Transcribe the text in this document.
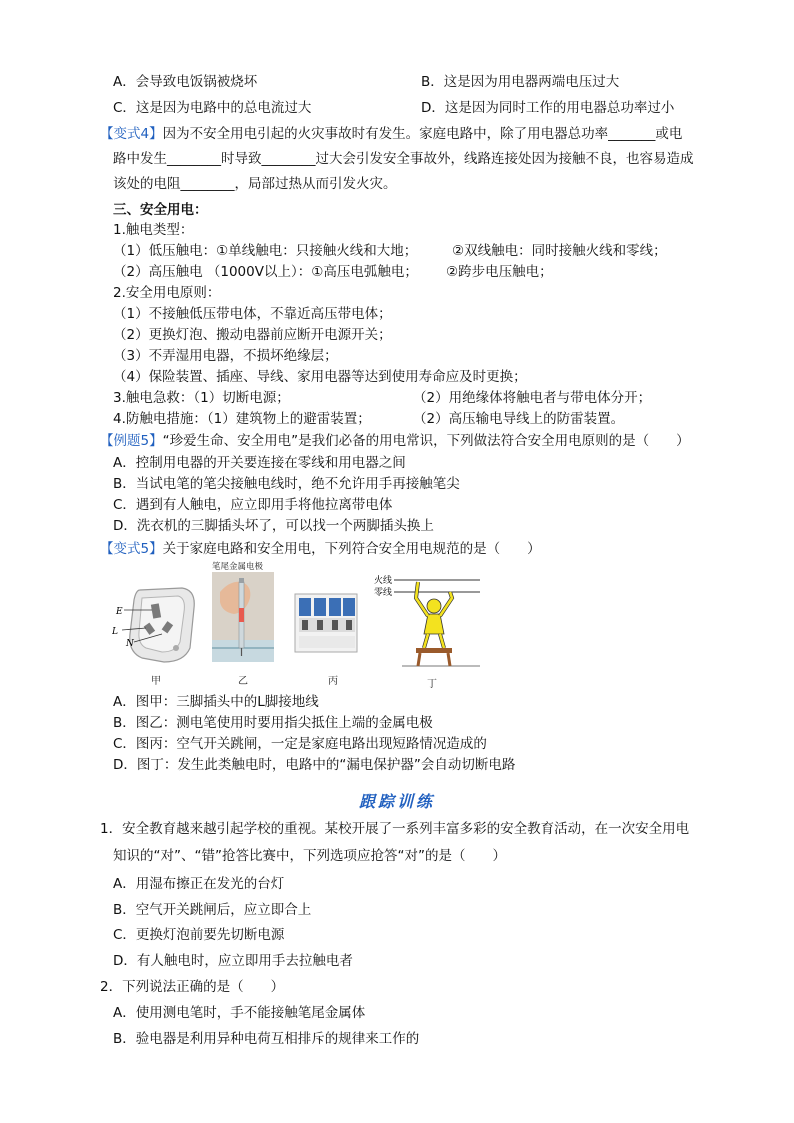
A．会导致电饭锅被烧坏	B．这是因为用电器两端电压过大
C．这是因为电路中的总电流过大	D．这是因为同时工作的用电器总功率过小
【变式4】因为不安全用电引起的火灾事故时有发生。家庭电路中，除了用电器总功率_______或电
路中发生________时导致________过大会引发安全事故外，线路连接处因为接触不良，也容易造成
该处的电阻________，局部过热从而引发火灾。
三、安全用电：
1.触电类型：
（1）低压触电：①单线触电：只接触火线和大地；	②双线触电：同时接触火线和零线；
（2）高压触电 （1000V以上）：①高压电弧触电； ②跨步电压触电；
2.安全用电原则：
（1）不接触低压带电体，不靠近高压带电体；
（2）更换灯泡、搬动电器前应断开电源开关；
（3）不弄湿用电器，不损坏绝缘层；
（4）保险装置、插座、导线、家用电器等达到使用寿命应及时更换；
3.触电急救：（1）切断电源；	（2）用绝缘体将触电者与带电体分开；
4.防触电措施：（1）建筑物上的避雷装置；	（2）高压输电导线上的防雷装置。
【例题5】“珍爱生命、安全用电”是我们必备的用电常识，下列做法符合安全用电原则的是（　　）
A．控制用电器的开关要连接在零线和用电器之间
B．当试电笔的笔尖接触电线时，绝不允许用手再接触笔尖
C．遇到有人触电，应立即用手将他拉离带电体
D．洗衣机的三脚插头坏了，可以找一个两脚插头换上
【变式5】关于家庭电路和安全用电，下列符合安全用电规范的是（　　）
E
L
N
甲
笔尾金属电极
乙	丙
火线
零线
丁
A．图甲：三脚插头中的L脚接地线
B．图乙：测电笔使用时要用指尖抵住上端的金属电极
C．图丙：空气开关跳闸，一定是家庭电路出现短路情况造成的
D．图丁：发生此类触电时，电路中的“漏电保护器”会自动切断电路
跟踪训练
1．安全教育越来越引起学校的重视。某校开展了一系列丰富多彩的安全教育活动，在一次安全用电
知识的“对”、“错”抢答比赛中，下列选项应抢答“对”的是（　　）
A．用湿布擦正在发光的台灯
B．空气开关跳闸后，应立即合上
C．更换灯泡前要先切断电源
D．有人触电时，应立即用手去拉触电者
2．下列说法正确的是（　　）
A．使用测电笔时，手不能接触笔尾金属体
B．验电器是利用异种电荷互相排斥的规律来工作的
